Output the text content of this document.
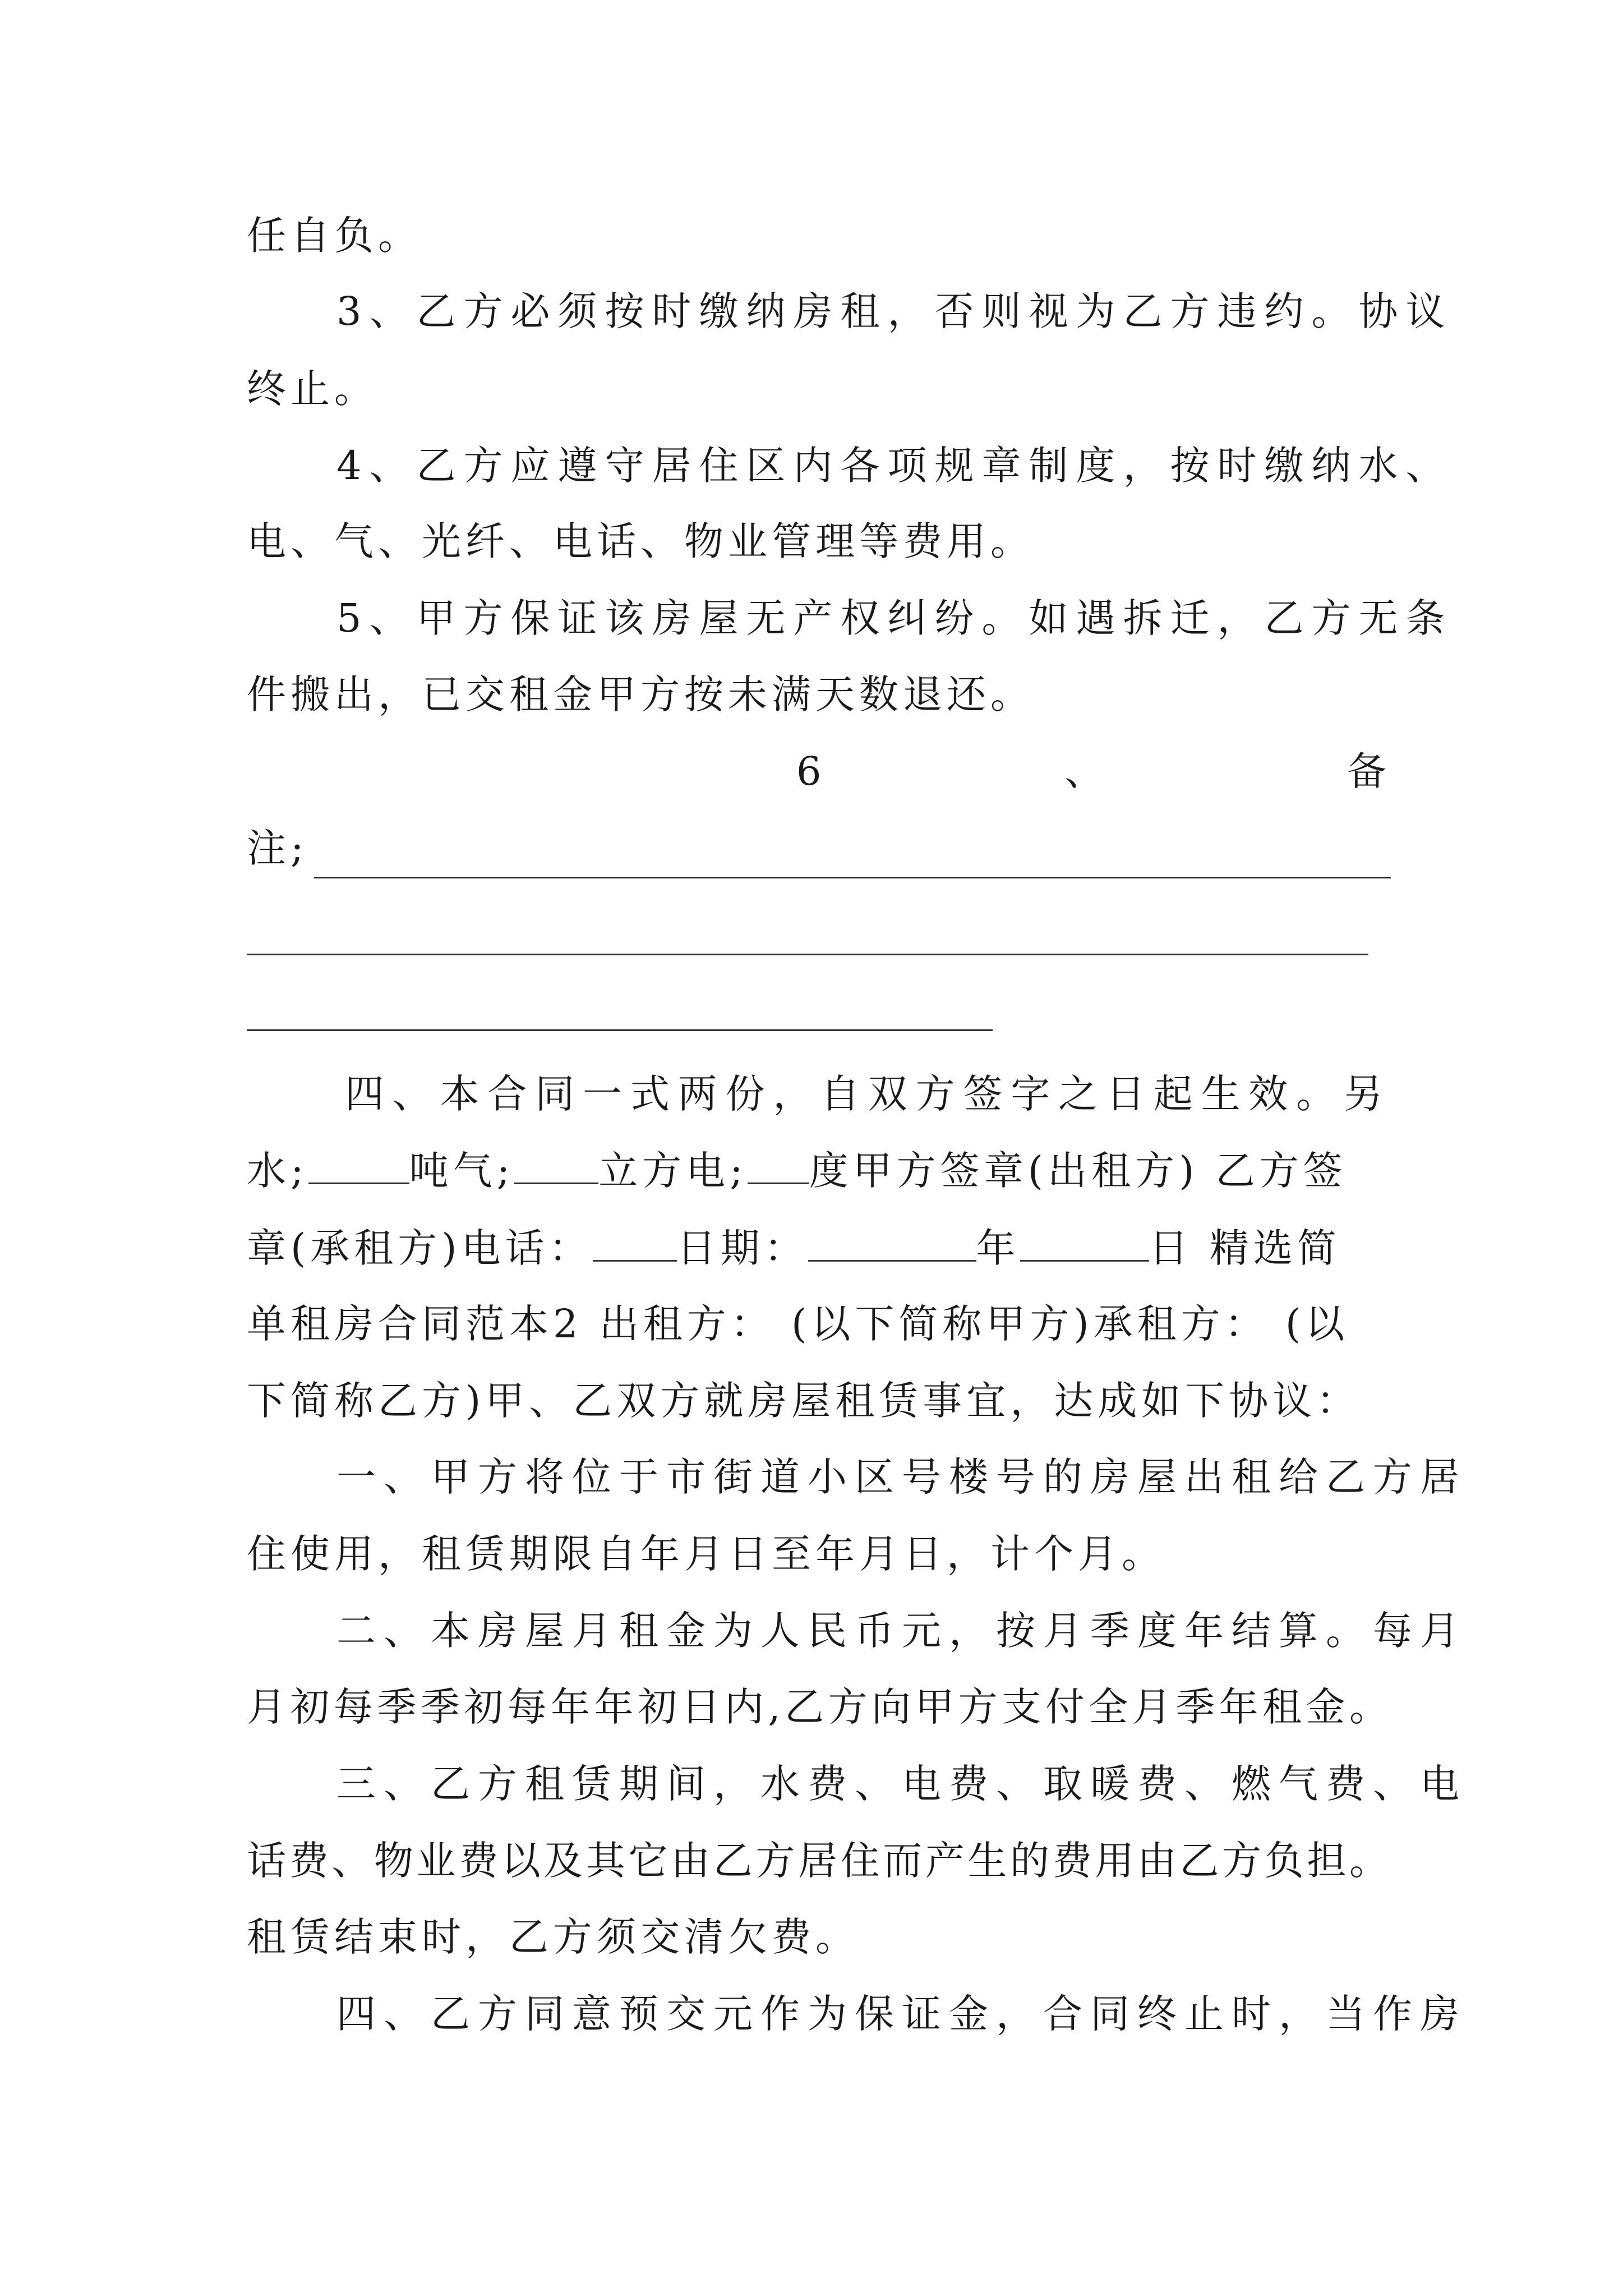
任自负。
3、乙方必须按时缴纳房租，否则视为乙方违约。协议
终止。
4、乙方应遵守居住区内各项规章制度，按时缴纳水、
电、气、光纤、电话、物业管理等费用。
5、甲方保证该房屋无产权纠纷。如遇拆迁，乙方无条
件搬出，已交租金甲方按未满天数退还。
6	、	备
注;
四、本合同一式两份，自双方签字之日起生效。另
水;	吨气; 立方电; 度甲方签章(出租方) 乙方签
章(承租方)电话： 日期：	年	日 精选简
单租房合同范本2 出租方： (以下简称甲方)承租方： (以
下简称乙方)甲、乙双方就房屋租赁事宜，达成如下协议：
一、甲方将位于市街道小区号楼号的房屋出租给乙方居
住使用，租赁期限自年月日至年月日，计个月。
二、本房屋月租金为人民币元，按月季度年结算。每月
月初每季季初每年年初日内,乙方向甲方支付全月季年租金。
三、乙方租赁期间，水费、电费、取暖费、燃气费、电
话费、物业费以及其它由乙方居住而产生的费用由乙方负担。
租赁结束时，乙方须交清欠费。
四、乙方同意预交元作为保证金，合同终止时，当作房
